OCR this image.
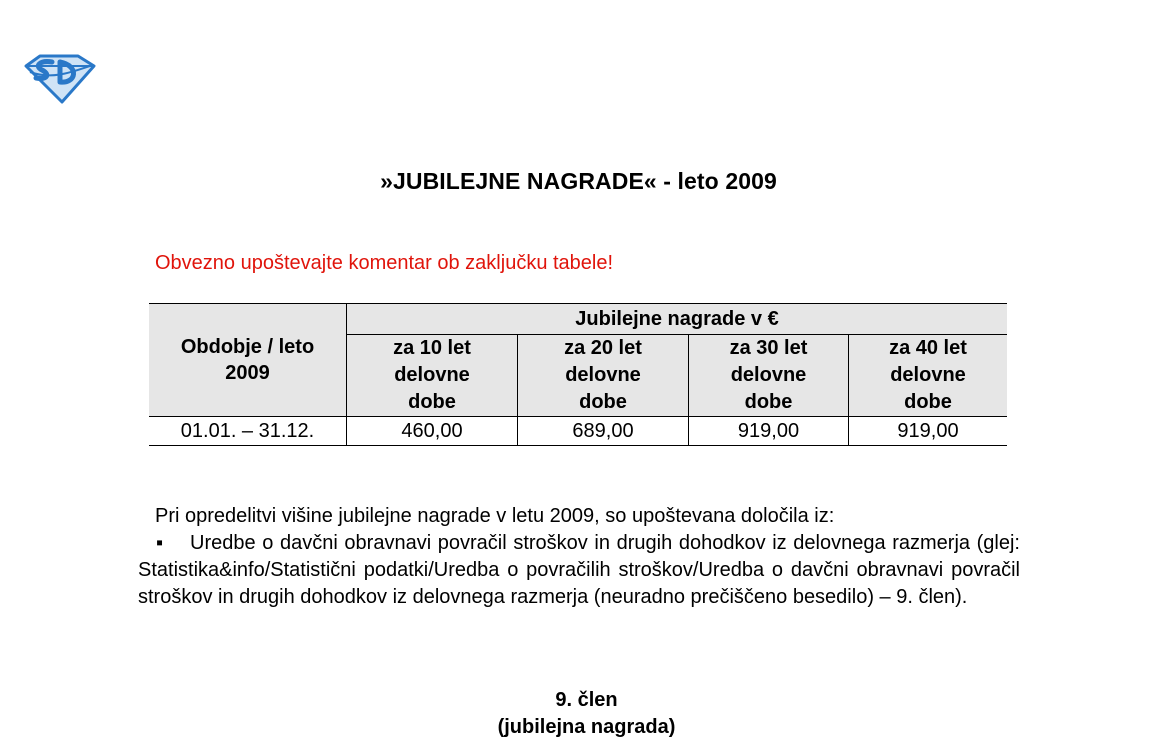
»JUBILEJNE NAGRADE« - leto 2009
Obvezno upoštevajte komentar ob zaključku tabele!
Obdobje / leto 2009	Jubilejne nagrade v €			

	za 10 let delovne dobe	za 20 let delovne dobe	za 30 let delovne dobe	za 40 let delovne dobe

01.01. – 31.12.	460,00	689,00	919,00	919,00
Pri opredelitvi višine jubilejne nagrade v letu 2009, so upoštevana določila iz:
▪ Uredbe o davčni obravnavi povračil stroškov in drugih dohodkov iz delovnega razmerja (glej: Statistika&info/Statistični podatki/Uredba o povračilih stroškov/Uredba o davčni obravnavi povračil stroškov in drugih dohodkov iz delovnega razmerja (neuradno prečiščeno besedilo) – 9. člen).
9. člen
(jubilejna nagrada)
